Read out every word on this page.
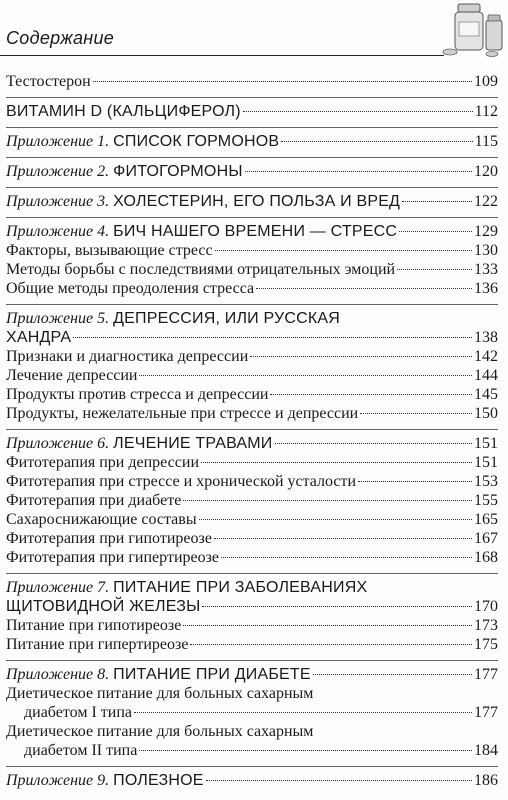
Содержание
Тестостерон	109
ВИТАМИН D (КАЛЬЦИФЕРОЛ)	112
Приложение 1. СПИСОК ГОРМОНОВ	115
Приложение 2. ФИТОГОРМОНЫ	120
Приложение 3. ХОЛЕСТЕРИН, ЕГО ПОЛЬЗА И ВРЕД	122
Приложение 4. БИЧ НАШЕГО ВРЕМЕНИ — СТРЕСС	129
Факторы, вызывающие стресс	130
Методы борьбы с последствиями отрицательных эмоций	133
Общие методы преодоления стресса	136
Приложение 5. ДЕПРЕССИЯ, ИЛИ РУССКАЯ
ХАНДРА	138
Признаки и диагностика депрессии	142
Лечение депрессии	144
Продукты против стресса и депрессии	145
Продукты, нежелательные при стрессе и депрессии	150
Приложение 6. ЛЕЧЕНИЕ ТРАВАМИ	151
Фитотерапия при депрессии	151
Фитотерапия при стрессе и хронической усталости	153
Фитотерапия при диабете	155
Сахароснижающие составы	165
Фитотерапия при гипотиреозе	167
Фитотерапия при гипертиреозе	168
Приложение 7. ПИТАНИЕ ПРИ ЗАБОЛЕВАНИЯХ
ЩИТОВИДНОЙ ЖЕЛЕЗЫ	170
Питание при гипотиреозе	173
Питание при гипертиреозе	175
Приложение 8. ПИТАНИЕ ПРИ ДИАБЕТЕ	177
Диетическое питание для больных сахарным
диабетом I типа	177
Диетическое питание для больных сахарным
диабетом II типа	184
Приложение 9. ПОЛЕЗНОЕ	186
